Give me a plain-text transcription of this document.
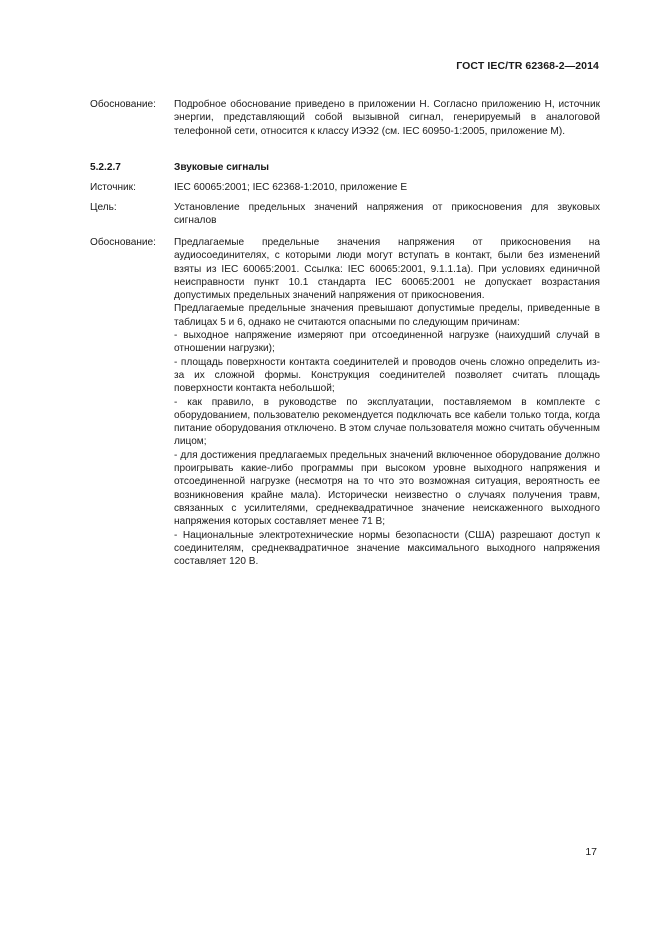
ГОСТ IEC/TR 62368-2—2014
Обоснование:	Подробное обоснование приведено в приложении Н. Согласно приложению Н, источник энергии, представляющий собой вызывной сигнал, генерируемый в аналоговой телефонной сети, относится к классу ИЭЭ2 (см. IEC 60950-1:2005, приложение М).
5.2.2.7	Звуковые сигналы
Источник:	IEC 60065:2001; IEC 62368-1:2010, приложение Е
Цель:	Установление предельных значений напряжения от прикосновения для звуковых сигналов
Обоснование:	Предлагаемые предельные значения напряжения от прикосновения на аудиосоединителях, с которыми люди могут вступать в контакт, были без изменений взяты из IEC 60065:2001. Ссылка: IEC 60065:2001, 9.1.1.1а). При условиях единичной неисправности пункт 10.1 стандарта IEC 60065:2001 не допускает возрастания допустимых предельных значений напряжения от прикосновения.

Предлагаемые предельные значения превышают допустимые пределы, приведенные в таблицах 5 и 6, однако не считаются опасными по следующим причинам:

- выходное напряжение измеряют при отсоединенной нагрузке (наихудший случай в отношении нагрузки);

- площадь поверхности контакта соединителей и проводов очень сложно определить из-за их сложной формы. Конструкция соединителей позволяет считать площадь поверхности контакта небольшой;

- как правило, в руководстве по эксплуатации, поставляемом в комплекте с оборудованием, пользователю рекомендуется подключать все кабели только тогда, когда питание оборудования отключено. В этом случае пользователя можно считать обученным лицом;

- для достижения предлагаемых предельных значений включенное оборудование должно проигрывать какие-либо программы при высоком уровне выходного напряжения и отсоединенной нагрузке (несмотря на то что это возможная ситуация, вероятность ее возникновения крайне мала). Исторически неизвестно о случаях получения травм, связанных с усилителями, среднеквадратичное значение неискаженного выходного напряжения которых составляет менее 71 В;

- Национальные электротехнические нормы безопасности (США) разрешают доступ к соединителям, среднеквадратичное значение максимального выходного напряжения составляет 120 В.

17
